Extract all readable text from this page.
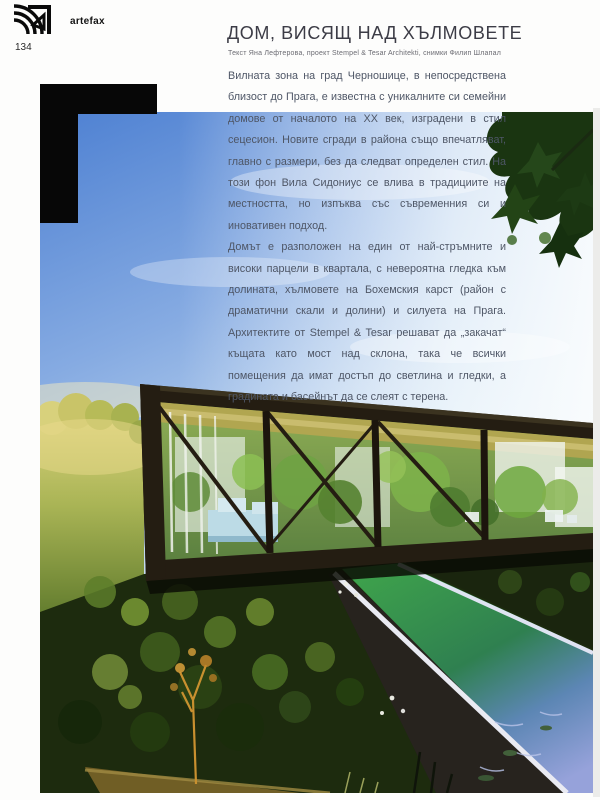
artefax
134
ДОМ, ВИСЯЩ НАД ХЪЛМОВЕТЕ
Текст Яна Лефтерова, проект Stempel & Tesar Architekti, снимки Филип Шлапал

Вилната зона на град Черношице, в непосредствена близост до Прага, е известна с уникалните си семейни домове от началото на XX век, изградени в стил сецесион. Новите сгради в района също впечатляват, главно с размери, без да следват определен стил. На този фон Вила Сидониус се влива в традициите на местността, но изпъква със съвременния си и иновативен подход.

Домът е разположен на един от най-стръмните и високи парцели в квартала, с невероятна гледка към долината, хълмовете на Бохемския карст (район с драматични скали и долини) и силуета на Прага. Архитектите от Stempel & Tesar решават да „закачат“ къщата като мост над склона, така че всички помещения да имат достъп до светлина и гледки, а градината и басейнът да се слеят с терена.
